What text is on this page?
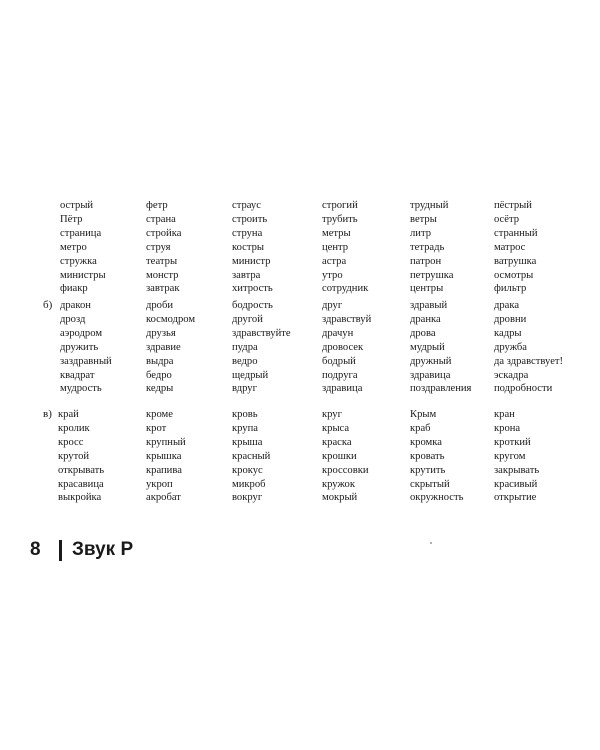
острый
Пётр
страница
метро
стружка
министры
фиакр
фетр
страна
стройка
струя
театры
монстр
завтрак
страус
строить
струна
костры
министр
завтра
хитрость
строгий
трубить
метры
центр
астра
утро
сотрудник
трудный
ветры
литр
тетрадь
патрон
петрушка
центры
пёстрый
осётр
странный
матрос
ватрушка
осмотры
фильтр
б) дракон
дрозд
аэродром
дружить
заздравный
квадрат
мудрость
дроби
космодром
друзья
здравие
выдра
бедро
кедры
бодрость
другой
здравствуйте
пудра
ведро
щедрый
вдруг
друг
здравствуй
драчун
дровосек
бодрый
подруга
здравица
здравый
дранка
дрова
мудрый
дружный
здравица
поздравления
драка
дровни
кадры
дружба
да здравствует!
эскадра
подробности
в) край
кролик
кросс
крутой
открывать
красавица
выкройка
кроме
крот
крупный
крышка
крапива
укроп
акробат
кровь
крупа
крыша
красный
крокус
микроб
вокруг
круг
крыса
краска
крошки
кроссовки
кружок
мокрый
Крым
краб
кромка
кровать
крутить
скрытый
окружность
кран
крона
кроткий
кругом
закрывать
красивый
открытие
8 Звук Р
